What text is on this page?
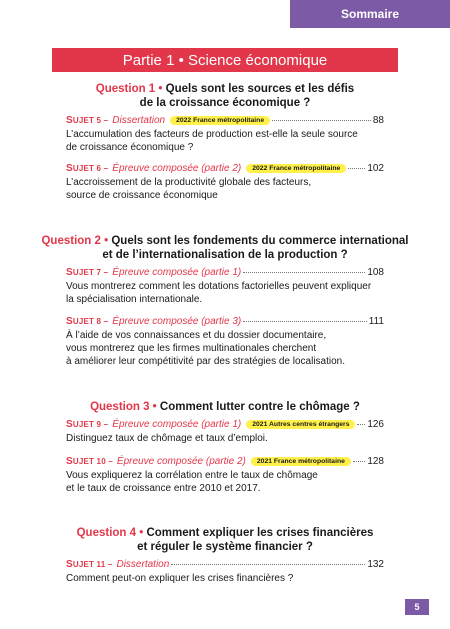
Sommaire
Partie 1 • Science économique
Question 1 • Quels sont les sources et les défis
de la croissance économique ?
SUJET 5 – Dissertation	2022 France métropolitaine	88
L’accumulation des facteurs de production est-elle la seule source
de croissance économique ?
SUJET 6 – Épreuve composée (partie 2)	2022 France métropolitaine	102
L’accroissement de la productivité globale des facteurs,
source de croissance économique
Question 2 • Quels sont les fondements du commerce international
et de l’internationalisation de la production ?
SUJET 7 – Épreuve composée (partie 1)	108
Vous montrerez comment les dotations factorielles peuvent expliquer
la spécialisation internationale.
SUJET 8 – Épreuve composée (partie 3)	111
À l’aide de vos connaissances et du dossier documentaire,
vous montrerez que les firmes multinationales cherchent
à améliorer leur compétitivité par des stratégies de localisation.
Question 3 • Comment lutter contre le chômage ?
SUJET 9 – Épreuve composée (partie 1)	2021 Autres centres étrangers	126
Distinguez taux de chômage et taux d’emploi.
SUJET 10 – Épreuve composée (partie 2)	2021 France métropolitaine	128
Vous expliquerez la corrélation entre le taux de chômage
et le taux de croissance entre 2010 et 2017.
Question 4 • Comment expliquer les crises financières
et réguler le système financier ?
SUJET 11 – Dissertation	132
Comment peut-on expliquer les crises financières ?
5
